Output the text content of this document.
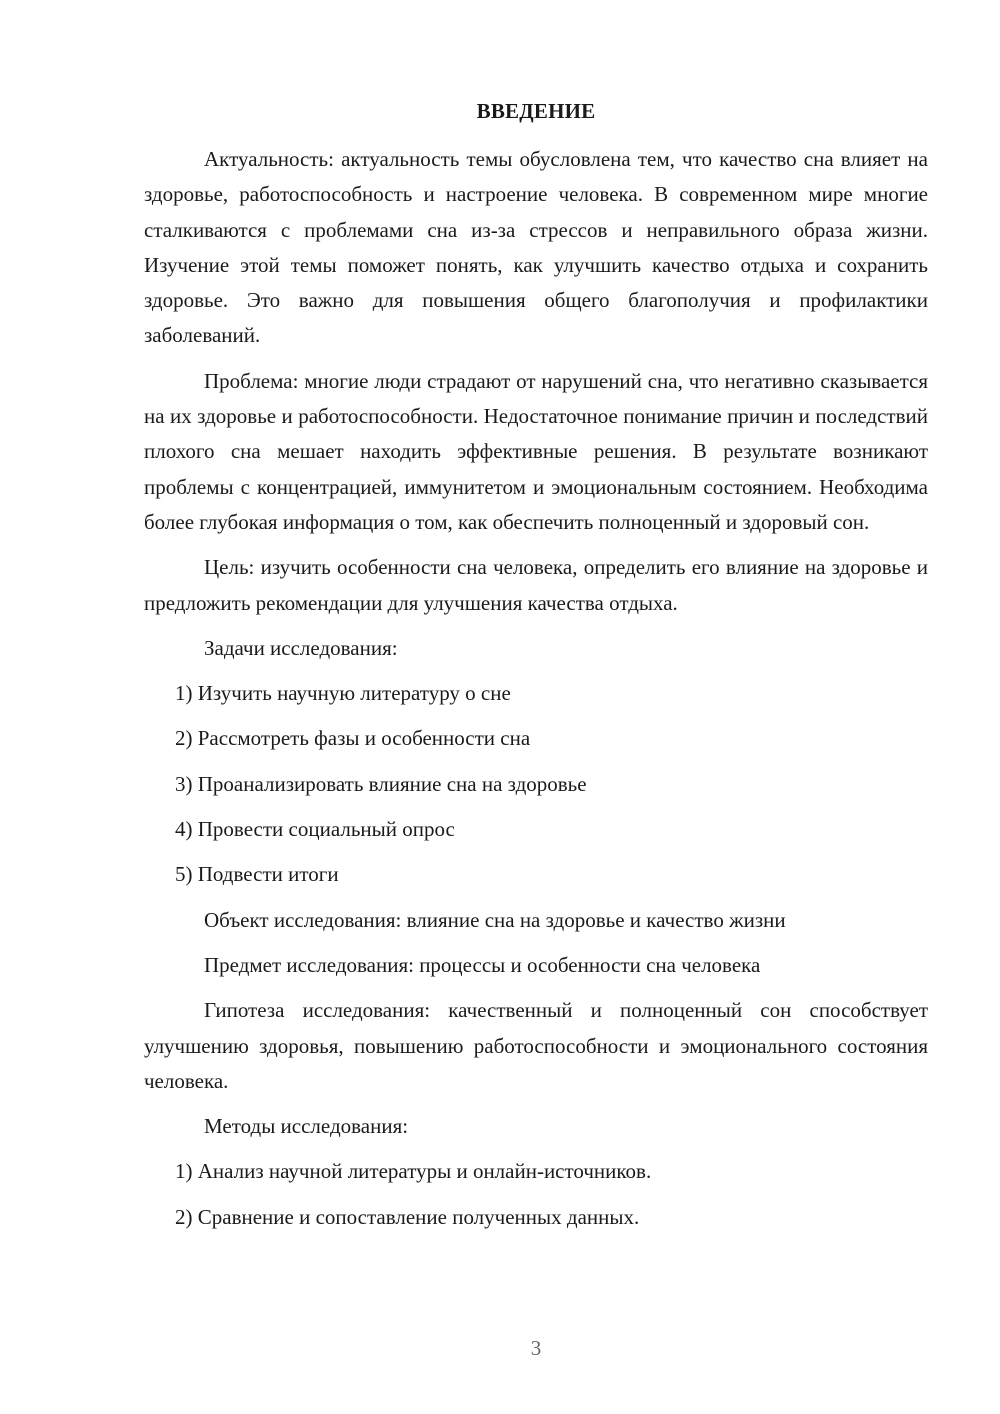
ВВЕДЕНИЕ

Актуальность: актуальность темы обусловлена тем, что качество сна влияет на здоровье, работоспособность и настроение человека. В современном мире многие сталкиваются с проблемами сна из-за стрессов и неправильного образа жизни. Изучение этой темы поможет понять, как улучшить качество отдыха и сохранить здоровье. Это важно для повышения общего благополучия и профилактики заболеваний.

Проблема: многие люди страдают от нарушений сна, что негативно сказывается на их здоровье и работоспособности. Недостаточное понимание причин и последствий плохого сна мешает находить эффективные решения. В результате возникают проблемы с концентрацией, иммунитетом и эмоциональным состоянием. Необходима более глубокая информация о том, как обеспечить полноценный и здоровый сон.

Цель: изучить особенности сна человека, определить его влияние на здоровье и предложить рекомендации для улучшения качества отдыха.

Задачи исследования:

1) Изучить научную литературу о сне
2) Рассмотреть фазы и особенности сна
3) Проанализировать влияние сна на здоровье
4) Провести социальный опрос
5) Подвести итоги

Объект исследования: влияние сна на здоровье и качество жизни

Предмет исследования: процессы и особенности сна человека

Гипотеза исследования: качественный и полноценный сон способствует улучшению здоровья, повышению работоспособности и эмоционального состояния человека.

Методы исследования:

1) Анализ научной литературы и онлайн-источников.
2) Сравнение и сопоставление полученных данных.
3
